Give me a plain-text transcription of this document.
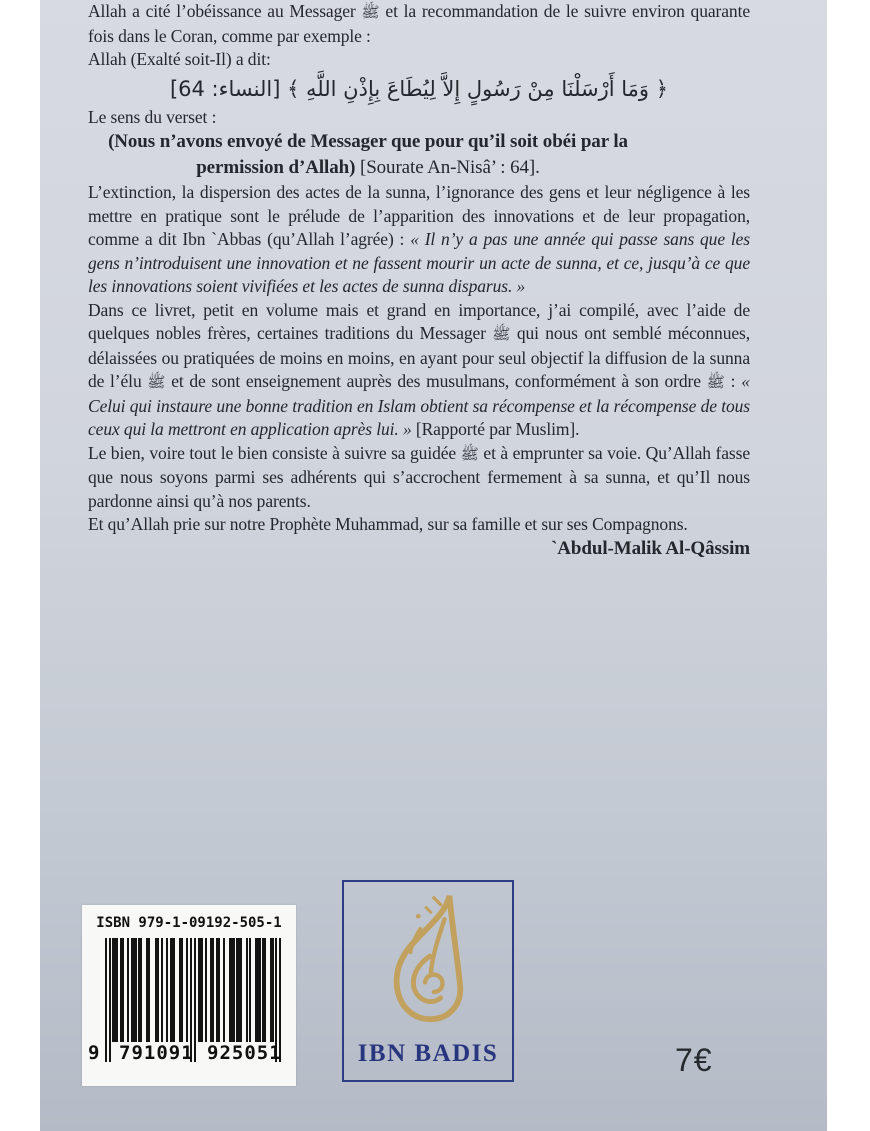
Allah a cité l’obéissance au Messager ﷺ et la recommandation de le suivre environ quarante fois dans le Coran, comme par exemple :

Allah (Exalté soit-Il) a dit:

﴿ وَمَا أَرْسَلْنَا مِنْ رَسُولٍ إِلاَّ لِيُطَاعَ بِإِذْنِ اللَّهِ ﴾ [النساء: 64]

Le sens du verset :

(Nous n’avons envoyé de Messager que pour qu’il soit obéi par la permission d’Allah) [Sourate An-Nisâ’ : 64].

L’extinction, la dispersion des actes de la sunna, l’ignorance des gens et leur négligence à les mettre en pratique sont le prélude de l’apparition des innovations et de leur propagation, comme a dit Ibn `Abbas (qu’Allah l’agrée) : « Il n’y a pas une année qui passe sans que les gens n’introduisent une innovation et ne fassent mourir un acte de sunna, et ce, jusqu’à ce que les innovations soient vivifiées et les actes de sunna disparus. »

Dans ce livret, petit en volume mais et grand en importance, j’ai compilé, avec l’aide de quelques nobles frères, certaines traditions du Messager ﷺ qui nous ont semblé méconnues, délaissées ou pratiquées de moins en moins, en ayant pour seul objectif la diffusion de la sunna de l’élu ﷺ et de sont enseignement auprès des musulmans, conformément à son ordre ﷺ : « Celui qui instaure une bonne tradition en Islam obtient sa récompense et la récompense de tous ceux qui la mettront en application après lui. » [Rapporté par Muslim].

Le bien, voire tout le bien consiste à suivre sa guidée ﷺ et à emprunter sa voie. Qu’Allah fasse que nous soyons parmi ses adhérents qui s’accrochent fermement à sa sunna, et qu’Il nous pardonne ainsi qu’à nos parents.

Et qu’Allah prie sur notre Prophète Muhammad, sur sa famille et sur ses Compagnons.

`Abdul-Malik Al-Qâssim

ISBN 979-1-09192-505-1
9 791091 925051	IBN BADIS	7€
